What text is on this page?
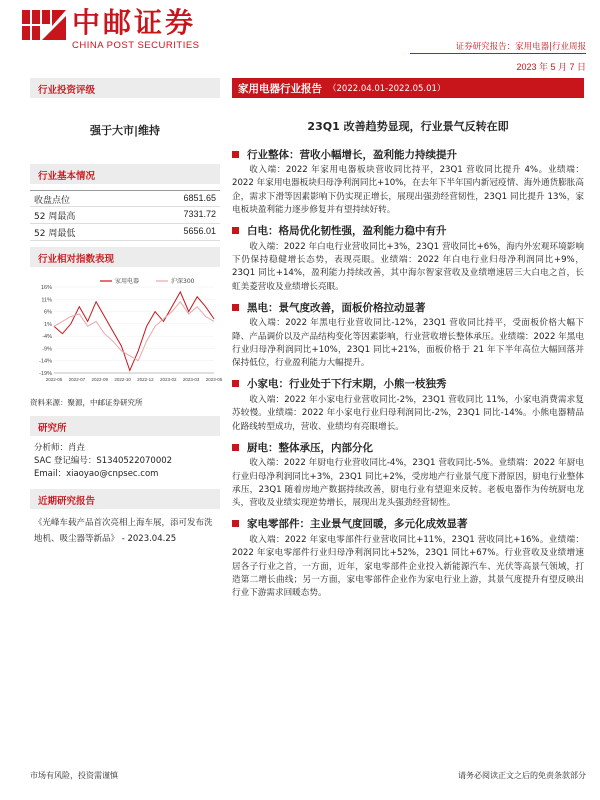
中邮证券
CHINA POST SECURITIES	证券研究报告：家用电器|行业周报
2023 年 5 月 7 日
行业投资评级
强于大市|维持
行业基本情况
收盘点位	6851.65
52 周最高	7331.72
52 周最低	5656.01
行业相对指数表现
16%
11%
6%
1%
-4%
-9%
-14%
-19%
2022-05 2022-07 2022-09 2022-10 2022-12 2023-02 2023-03 2023-05
家用电器	沪深300
资料来源：聚源，中邮证券研究所
研究所
分析师：肖垚
SAC 登记编号：S1340522070002
Email：xiaoyao@cnpsec.com
近期研究报告
《光峰车载产品首次亮相上海车展，添可发布洗地机、吸尘器等新品》 - 2023.04.25
家用电器行业报告 （2022.04.01-2022.05.01）
23Q1 改善趋势显现，行业景气反转在即
行业整体：营收小幅增长，盈利能力持续提升
收入端：2022 年家用电器板块营收同比持平，23Q1 营收同比提升 4%。业绩端：2022 年家用电器板块归母净利润同比+10%，在去年下半年国内新冠疫情、海外通货膨胀高企，需求下滑等因素影响下仍实现正增长，展现出强劲经营韧性，23Q1 同比提升 13%，家电板块盈利能力逐步修复并有望持续好转。
白电：格局优化韧性强，盈利能力稳中有升
收入端：2022 年白电行业营收同比+3%，23Q1 营收同比+6%，海内外宏观环境影响下仍保持稳健增长态势，表现亮眼。业绩端：2022 年白电行业归母净利润同比+9%，23Q1 同比+14%，盈利能力持续改善，其中海尔智家营收及业绩增速居三大白电之首，长虹美菱营收及业绩增长亮眼。
黑电：景气度改善，面板价格拉动显著
收入端：2022 年黑电行业营收同比-12%，23Q1 营收同比持平，受面板价格大幅下降、产品调价以及产品结构变化等因素影响，行业营收增长整体承压。业绩端：2022 年黑电行业归母净利润同比+10%，23Q1 同比+21%，面板价格于 21 年下半年高位大幅回落并保持低位，行业盈利能力大幅提升。
小家电：行业处于下行末期，小熊一枝独秀
收入端：2022 年小家电行业营收同比-2%，23Q1 营收同比 11%，小家电消费需求复苏较慢。业绩端：2022 年小家电行业归母利润同比-2%，23Q1 同比-14%。小熊电器精品化路线转型成功，营收、业绩均有亮眼增长。
厨电：整体承压，内部分化
收入端：2022 年厨电行业营收同比-4%，23Q1 营收同比-5%。业绩端：2022 年厨电行业归母净利润同比+3%，23Q1 同比+2%，受房地产行业景气度下滑原因，厨电行业整体承压，23Q1 随着房地产数据持续改善，厨电行业有望迎来反转。老板电器作为传统厨电龙头，营收及业绩实现逆势增长，展现出龙头强劲经营韧性。
家电零部件：主业景气度回暖，多元化成效显著
收入端：2022 年家电零部件行业营收同比+11%，23Q1 营收同比+16%。业绩端：2022 年家电零部件行业归母净利润同比+52%，23Q1 同比+67%。行业营收及业绩增速居各子行业之首，一方面，近年，家电零部件企业投入新能源汽车、光伏等高景气领域，打造第二增长曲线；另一方面，家电零部件企业作为家电行业上游，其景气度提升有望反映出行业下游需求回暖态势。
市场有风险，投资需谨慎	请务必阅读正文之后的免责条款部分
